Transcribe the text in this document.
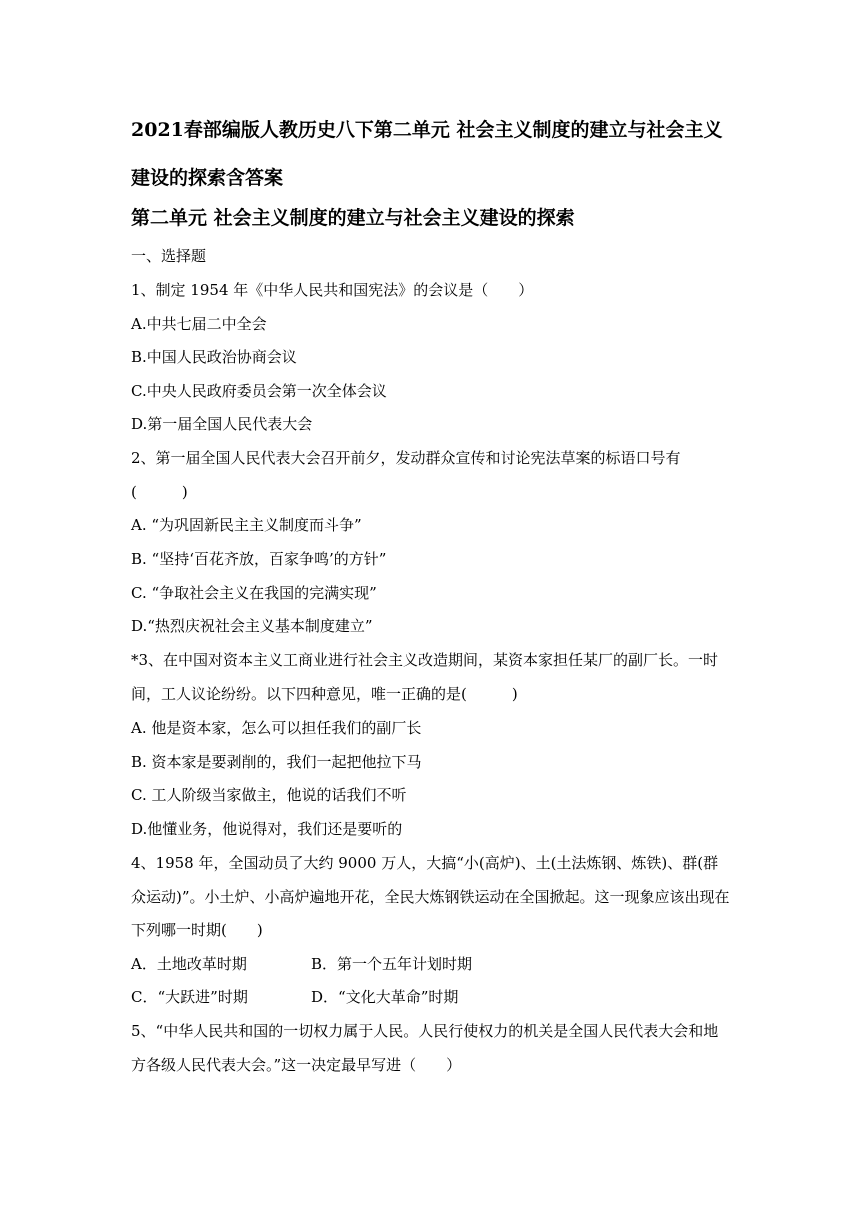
2021春部编版人教历史八下第二单元 社会主义制度的建立与社会主义建设的探索含答案
第二单元 社会主义制度的建立与社会主义建设的探索
一、选择题
1、制定 1954 年《中华人民共和国宪法》的会议是（　　）
A.中共七届二中全会
B.中国人民政治协商会议
C.中央人民政府委员会第一次全体会议
D.第一届全国人民代表大会
2、第一届全国人民代表大会召开前夕，发动群众宣传和讨论宪法草案的标语口号有(　　　)
A. “为巩固新民主主义制度而斗争”
B. “坚持‘百花齐放，百家争鸣’的方针”
C. “争取社会主义在我国的完满实现”
D.“热烈庆祝社会主义基本制度建立”
*3、在中国对资本主义工商业进行社会主义改造期间，某资本家担任某厂的副厂长。一时间，工人议论纷纷。以下四种意见，唯一正确的是(　　　)
A. 他是资本家，怎么可以担任我们的副厂长
B. 资本家是要剥削的，我们一起把他拉下马
C. 工人阶级当家做主，他说的话我们不听
D.他懂业务，他说得对，我们还是要听的
4、1958 年，全国动员了大约 9000 万人，大搞“小(高炉)、土(土法炼钢、炼铁)、群(群众运动)”。小土炉、小高炉遍地开花，全民大炼钢铁运动在全国掀起。这一现象应该出现在下列哪一时期(　　)
A．土地改革时期	B．第一个五年计划时期
C．“大跃进”时期	D．“文化大革命”时期
5、“中华人民共和国的一切权力属于人民。人民行使权力的机关是全国人民代表大会和地方各级人民代表大会。”这一决定最早写进（　　）
